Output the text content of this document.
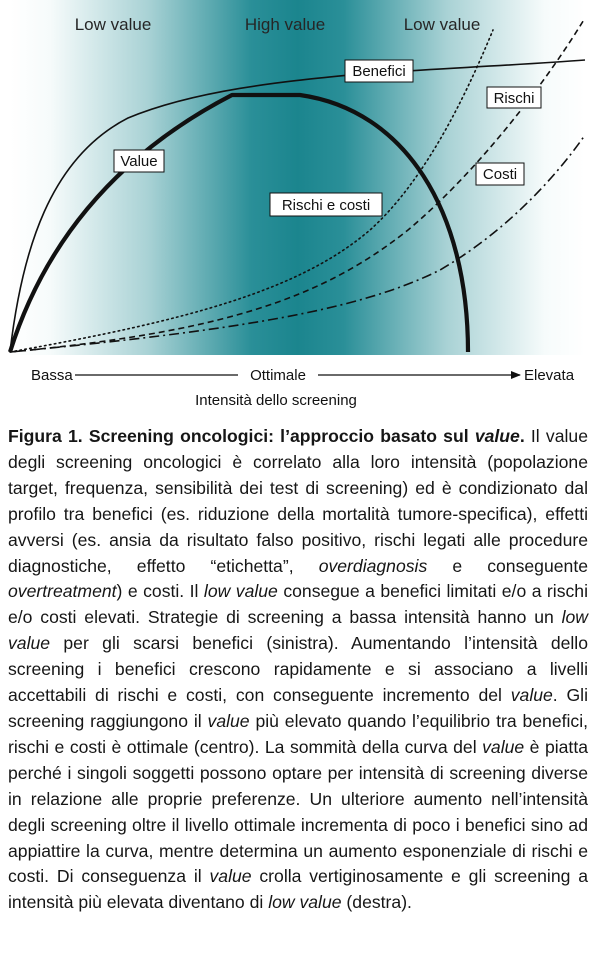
Low value	High value	Low value
Benefici
Rischi
Value
Costi
Rischi e costi
Bassa	Ottimale	Elevata
Intensità dello screening

Figura 1. Screening oncologici: l’approccio basato sul value. Il value degli screening oncologici è correlato alla loro intensità (popolazione target, frequenza, sensibilità dei test di screening) ed è condizionato dal profilo tra benefici (es. riduzione della mortalità tumore-specifica), effetti avversi (es. ansia da risultato falso positivo, rischi legati alle procedure diagnostiche, effetto “etichetta”, overdiagnosis e conseguente overtreatment) e costi. Il low value consegue a benefici limitati e/o a rischi e/o costi elevati. Strategie di screening a bassa intensità hanno un low value per gli scarsi benefici (sinistra). Aumentando l’intensità dello screening i benefici crescono rapidamente e si associano a livelli accettabili di rischi e costi, con conseguente incremento del value. Gli screening raggiungono il value più elevato quando l’equilibrio tra benefici, rischi e costi è ottimale (centro). La sommità della curva del value è piatta perché i singoli soggetti possono optare per intensità di screening diverse in relazione alle proprie preferenze. Un ulteriore aumento nell’intensità degli screening oltre il livello ottimale incrementa di poco i benefici sino ad appiattire la curva, mentre determina un aumento esponenziale di rischi e costi. Di conseguenza il value crolla vertiginosamente e gli screening a intensità più elevata diventano di low value (destra).
